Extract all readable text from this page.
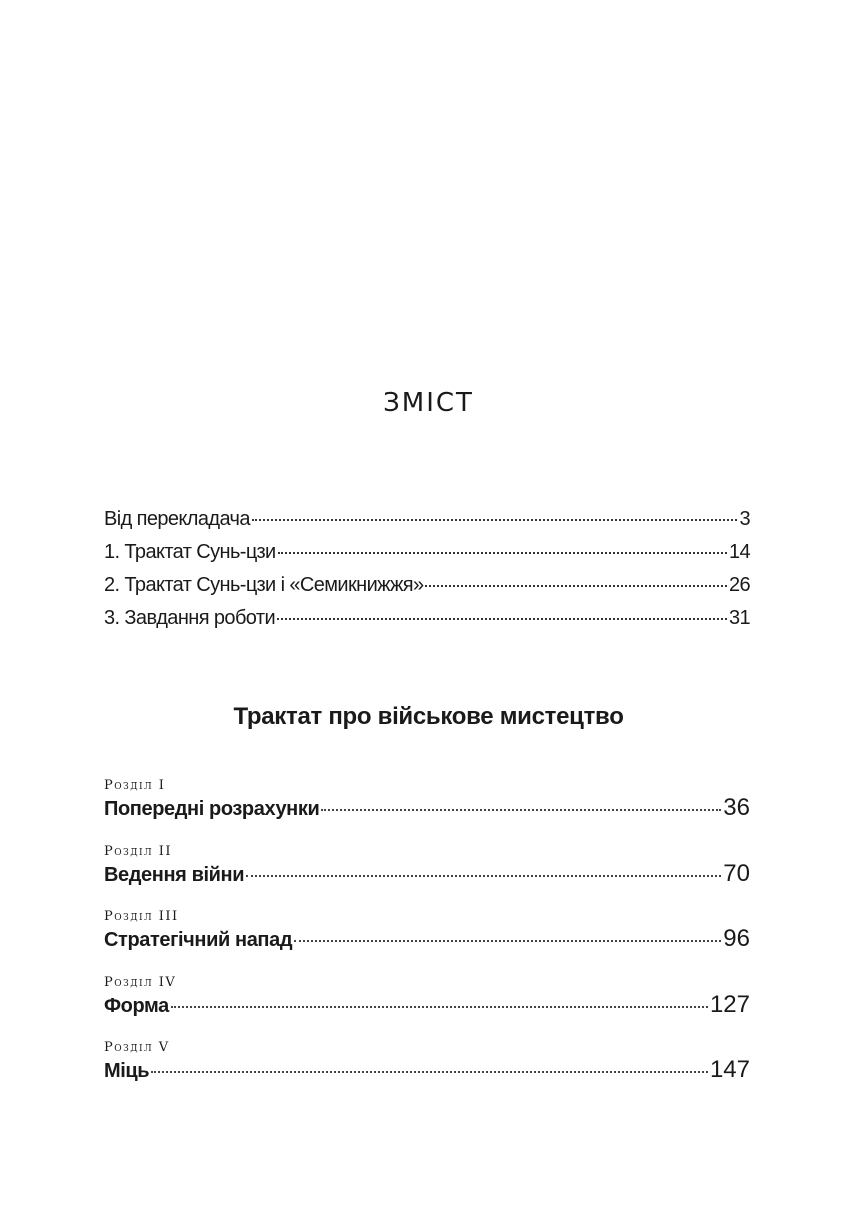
ЗМІСТ
Від перекладача	3
1. Трактат Сунь-цзи	14
2. Трактат Сунь-цзи і «Семикнижжя»	26
3. Завдання роботи	31
Трактат про військове мистецтво
Розділ I
Попередні розрахунки	36
Розділ II
Ведення війни	70
Розділ III
Стратегічний напад	96
Розділ IV
Форма	127
Розділ V
Міць	147
